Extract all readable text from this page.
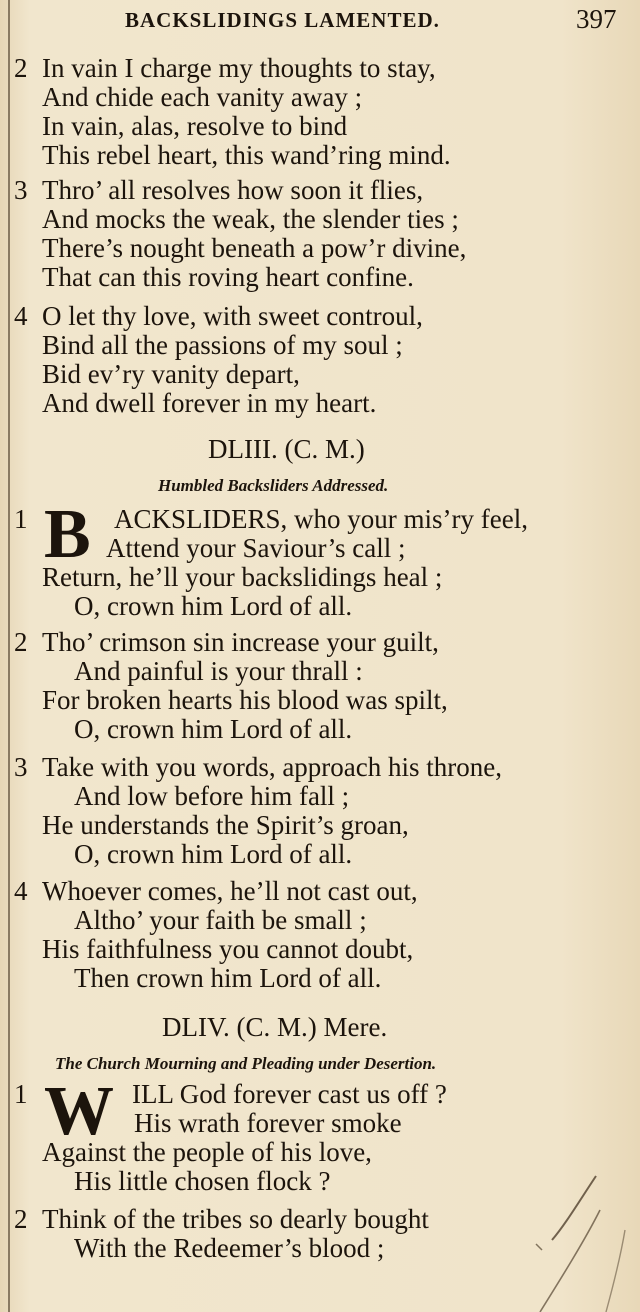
BACKSLIDINGS LAMENTED.	397
2 In vain I charge my thoughts to stay,
And chide each vanity away ;
In vain, alas, resolve to bind
This rebel heart, this wand’ring mind.
3 Thro’ all resolves how soon it flies,
And mocks the weak, the slender ties ;
There’s nought beneath a pow’r divine,
That can this roving heart confine.
4 O let thy love, with sweet controul,
Bind all the passions of my soul ;
Bid ev’ry vanity depart,
And dwell forever in my heart.
DLIII. (C. M.)
Humbled Backsliders Addressed.
B
1	ACKSLIDERS, who your mis’ry feel,
Attend your Saviour’s call ;
Return, he’ll your backslidings heal ;
O, crown him Lord of all.
2 Tho’ crimson sin increase your guilt,
And painful is your thrall :
For broken hearts his blood was spilt,
O, crown him Lord of all.
3 Take with you words, approach his throne,
And low before him fall ;
He understands the Spirit’s groan,
O, crown him Lord of all.
4 Whoever comes, he’ll not cast out,
Altho’ your faith be small ;
His faithfulness you cannot doubt,
Then crown him Lord of all.
DLIV. (C. M.) Mere.
The Church Mourning and Pleading under Desertion.
W
1	ILL God forever cast us off ?
His wrath forever smoke
Against the people of his love,
His little chosen flock ?
2 Think of the tribes so dearly bought
With the Redeemer’s blood ;
